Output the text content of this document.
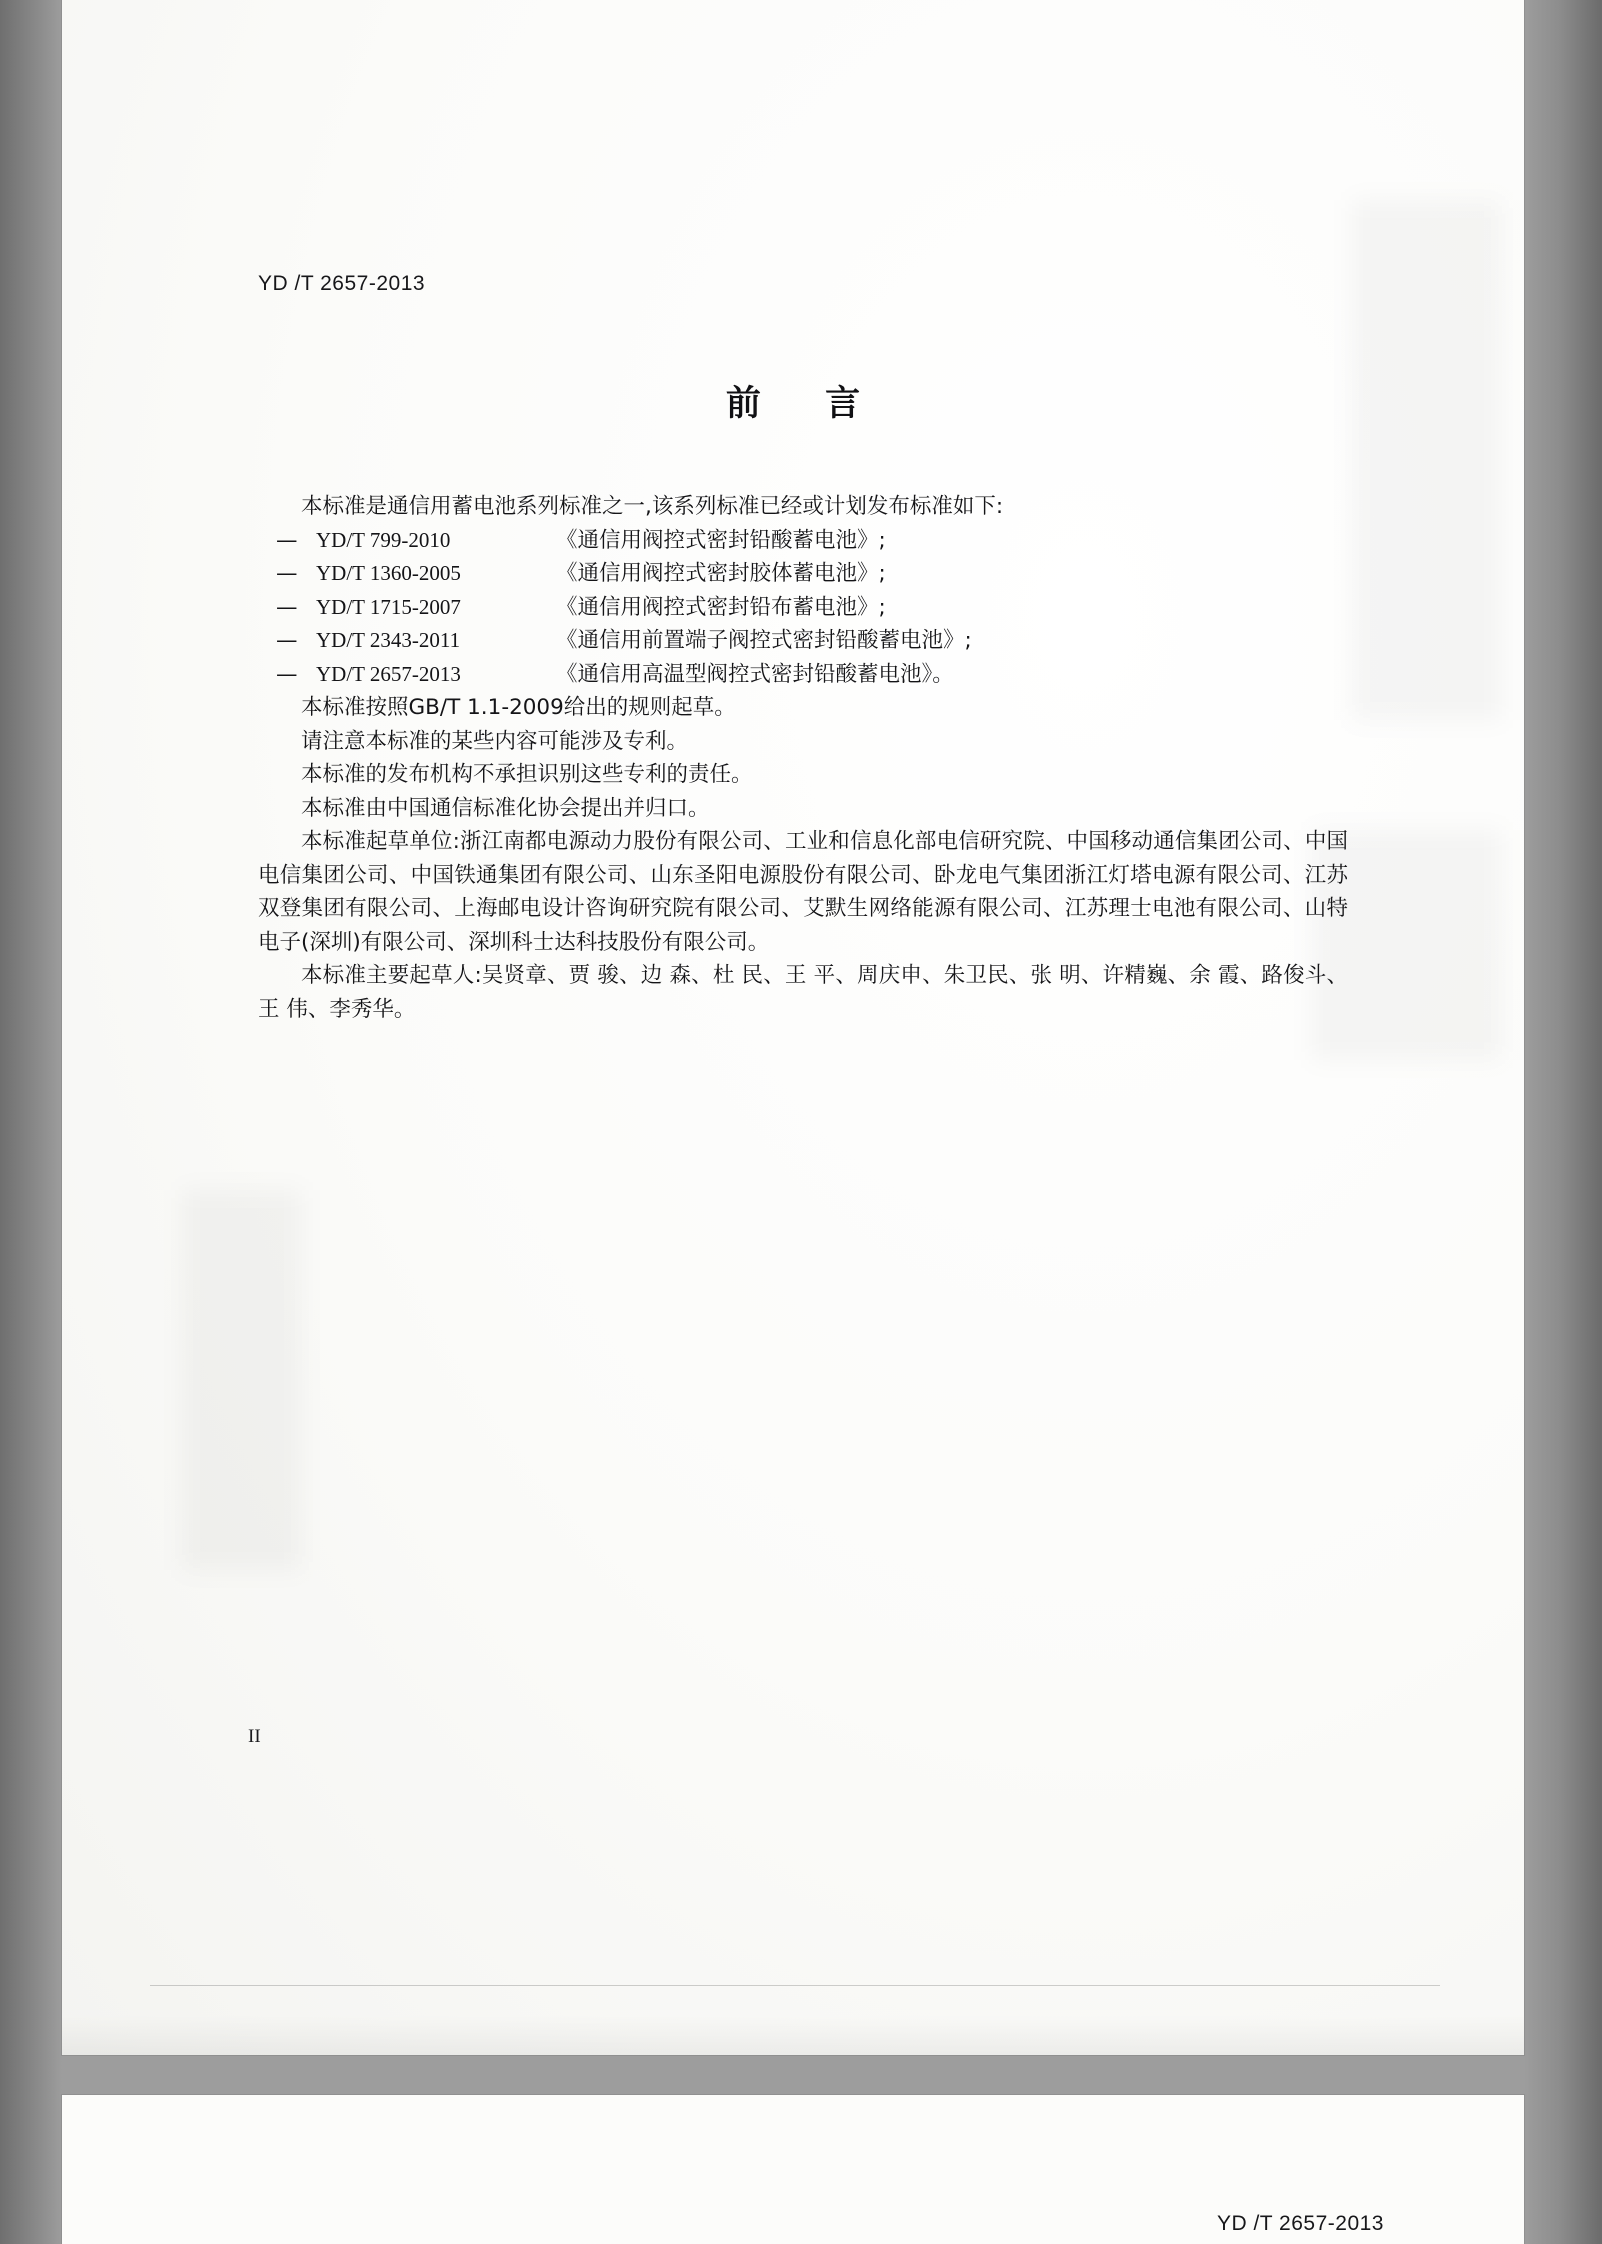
YD /T 2657-2013
前 言

本标准是通信用蓄电池系列标准之一,该系列标准已经或计划发布标准如下:

— YD/T 799-2010	《通信用阀控式密封铅酸蓄电池》;

— YD/T 1360-2005	《通信用阀控式密封胶体蓄电池》;

— YD/T 1715-2007	《通信用阀控式密封铅布蓄电池》;

— YD/T 2343-2011	《通信用前置端子阀控式密封铅酸蓄电池》;

— YD/T 2657-2013	《通信用高温型阀控式密封铅酸蓄电池》。

本标准按照GB/T 1.1-2009给出的规则起草。

请注意本标准的某些内容可能涉及专利。

本标准的发布机构不承担识别这些专利的责任。

本标准由中国通信标准化协会提出并归口。

本标准起草单位:浙江南都电源动力股份有限公司、工业和信息化部电信研究院、中国移动通信集团公司、中国电信集团公司、中国铁通集团有限公司、山东圣阳电源股份有限公司、卧龙电气集团浙江灯塔电源有限公司、江苏双登集团有限公司、上海邮电设计咨询研究院有限公司、艾默生网络能源有限公司、江苏理士电池有限公司、山特电子(深圳)有限公司、深圳科士达科技股份有限公司。

本标准主要起草人:吴贤章、贾 骏、边 森、杜 民、王 平、周庆申、朱卫民、张 明、许精巍、余 霞、路俊斗、王 伟、李秀华。

II
YD /T 2657-2013
